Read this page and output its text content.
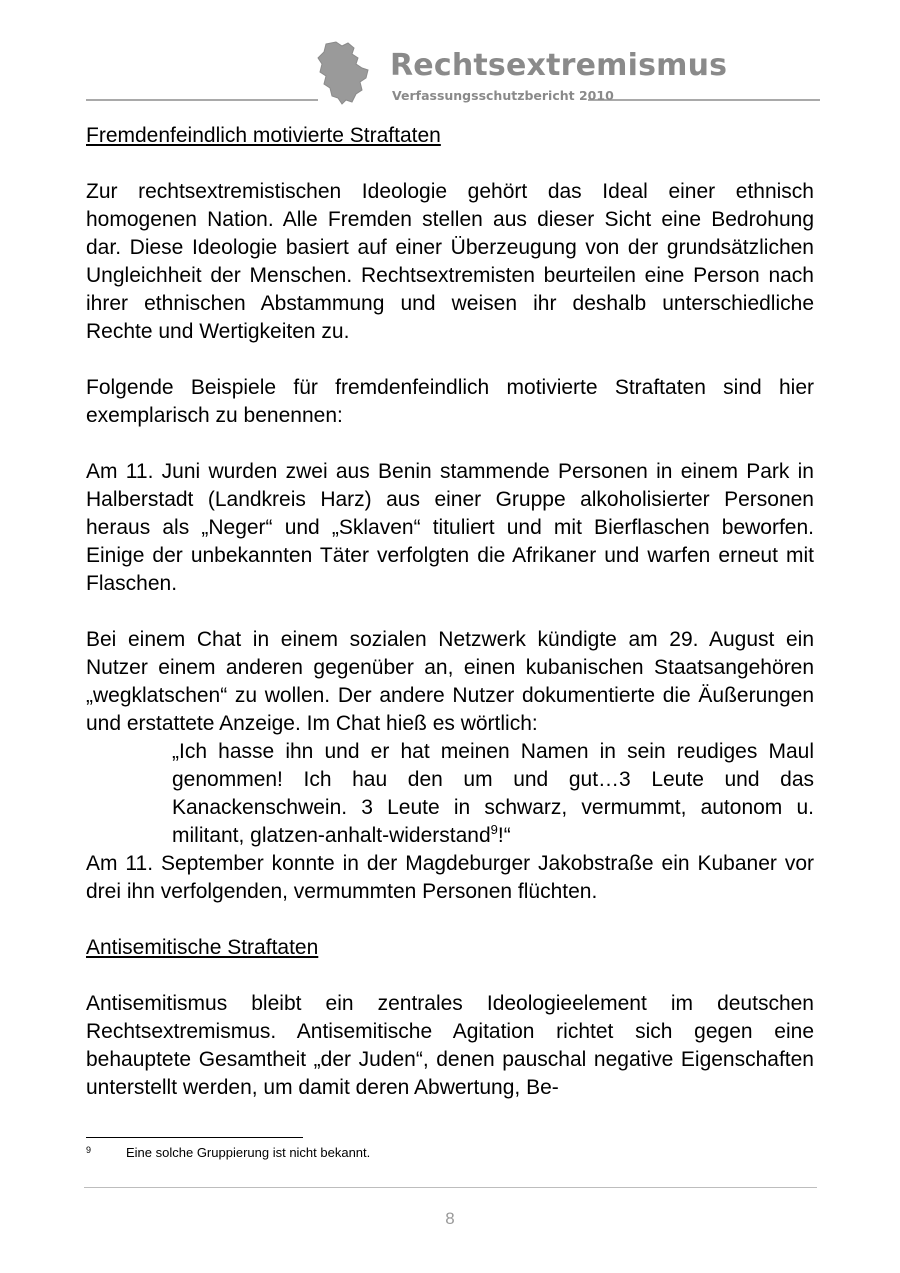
Rechtsextremismus
Verfassungsschutzbericht 2010

Fremdenfeindlich motivierte Straftaten

Zur rechtsextremistischen Ideologie gehört das Ideal einer ethnisch homogenen Nation. Alle Fremden stellen aus dieser Sicht eine Bedrohung dar. Diese Ideologie basiert auf einer Überzeugung von der grundsätzlichen Ungleichheit der Menschen. Rechtsextremisten beurteilen eine Person nach ihrer ethnischen Abstammung und weisen ihr deshalb unterschiedliche Rechte und Wertigkeiten zu.

Folgende Beispiele für fremdenfeindlich motivierte Straftaten sind hier exemplarisch zu benennen:

Am 11. Juni wurden zwei aus Benin stammende Personen in einem Park in Halberstadt (Landkreis Harz) aus einer Gruppe alkoholisierter Personen heraus als „Neger“ und „Sklaven“ tituliert und mit Bierflaschen beworfen. Einige der unbekannten Täter verfolgten die Afrikaner und warfen erneut mit Flaschen.

Bei einem Chat in einem sozialen Netzwerk kündigte am 29. August ein Nutzer einem anderen gegenüber an, einen kubanischen Staatsangehören „wegklatschen“ zu wollen. Der andere Nutzer dokumentierte die Äußerungen und erstattete Anzeige. Im Chat hieß es wörtlich:

„Ich hasse ihn und er hat meinen Namen in sein reudiges Maul genommen! Ich hau den um und gut…3 Leute und das Kanackenschwein. 3 Leute in schwarz, vermummt, autonom u. militant, glatzen-anhalt-widerstand$^9$!“

Am 11. September konnte in der Magdeburger Jakobstraße ein Kubaner vor drei ihn verfolgenden, vermummten Personen flüchten.

Antisemitische Straftaten

Antisemitismus bleibt ein zentrales Ideologieelement im deutschen Rechtsextremismus. Antisemitische Agitation richtet sich gegen eine behauptete Gesamtheit „der Juden“, denen pauschal negative Eigenschaften unterstellt werden, um damit deren Abwertung, Be-

9	Eine solche Gruppierung ist nicht bekannt.
8
